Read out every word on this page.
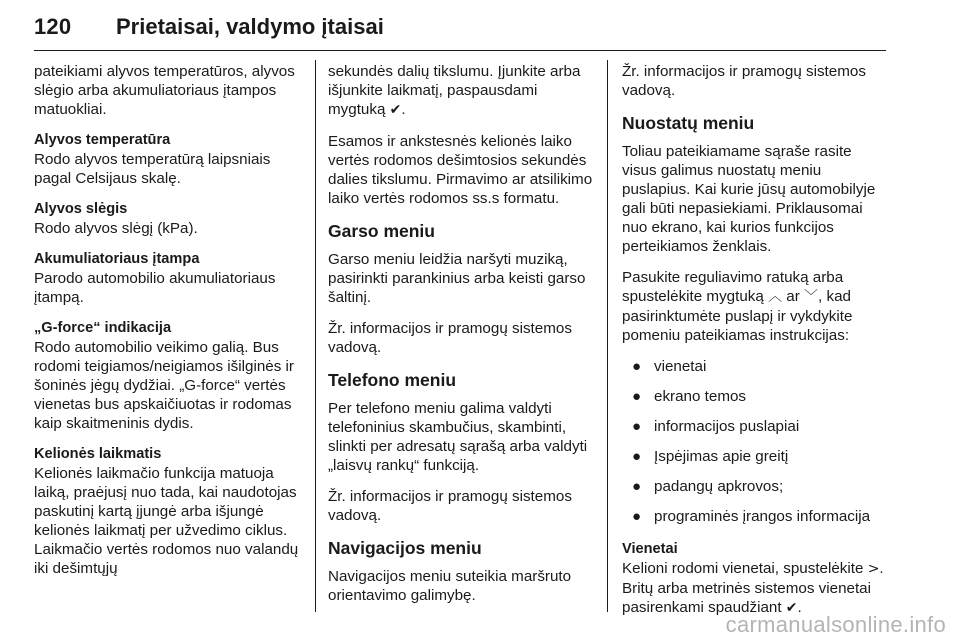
120 Prietaisai, valdymo įtaisai

pateikiami alyvos temperatūros, alyvos slėgio arba akumuliatoriaus įtampos matuokliai.

Alyvos temperatūra

Rodo alyvos temperatūrą laipsniais pagal Celsijaus skalę.

Alyvos slėgis

Rodo alyvos slėgį (kPa).

Akumuliatoriaus įtampa

Parodo automobilio akumuliatoriaus įtampą.

„G-force“ indikacija

Rodo automobilio veikimo galią. Bus rodomi teigiamos/neigiamos išilginės ir šoninės jėgų dydžiai. „G-force“ vertės vienetas bus apskaičiuotas ir rodomas kaip skaitmeninis dydis.

Kelionės laikmatis

Kelionės laikmačio funkcija matuoja laiką, praėjusį nuo tada, kai naudotojas paskutinį kartą įjungė arba išjungė kelionės laikmatį per užvedimo ciklus. Laikmačio vertės rodomos nuo valandų iki dešimtųjų

sekundės dalių tikslumu. Įjunkite arba išjunkite laikmatį, paspausdami mygtuką ✔.

Esamos ir ankstesnės kelionės laiko vertės rodomos dešimtosios sekundės dalies tikslumu. Pirmavimo ar atsilikimo laiko vertės rodomos ss.s formatu.

Garso meniu

Garso meniu leidžia naršyti muziką, pasirinkti parankinius arba keisti garso šaltinį.

Žr. informacijos ir pramogų sistemos vadovą.

Telefono meniu

Per telefono meniu galima valdyti telefoninius skambučius, skambinti, slinkti per adresatų sąrašą arba valdyti „laisvų rankų“ funkciją.

Žr. informacijos ir pramogų sistemos vadovą.

Navigacijos meniu

Navigacijos meniu suteikia maršruto orientavimo galimybę.

Žr. informacijos ir pramogų sistemos vadovą.

Nuostatų meniu

Toliau pateikiamame sąraše rasite visus galimus nuostatų meniu puslapius. Kai kurie jūsų automobilyje gali būti nepasiekiami. Priklausomai nuo ekrano, kai kurios funkcijos perteikiamos ženklais.

Pasukite reguliavimo ratuką arba spustelėkite mygtuką ︿ ar ﹀, kad pasirinktumėte puslapį ir vykdykite pomeniu pateikiamas instrukcijas:

● vienetai
● ekrano temos
● informacijos puslapiai
● Įspėjimas apie greitį
● padangų apkrovos;
● programinės įrangos informacija
Vienetai

Kelioni rodomi vienetai, spustelėkite >.
Britų arba metrinės sistemos vienetai pasirenkami spaudžiant ✔.

carmanualsonline.info
